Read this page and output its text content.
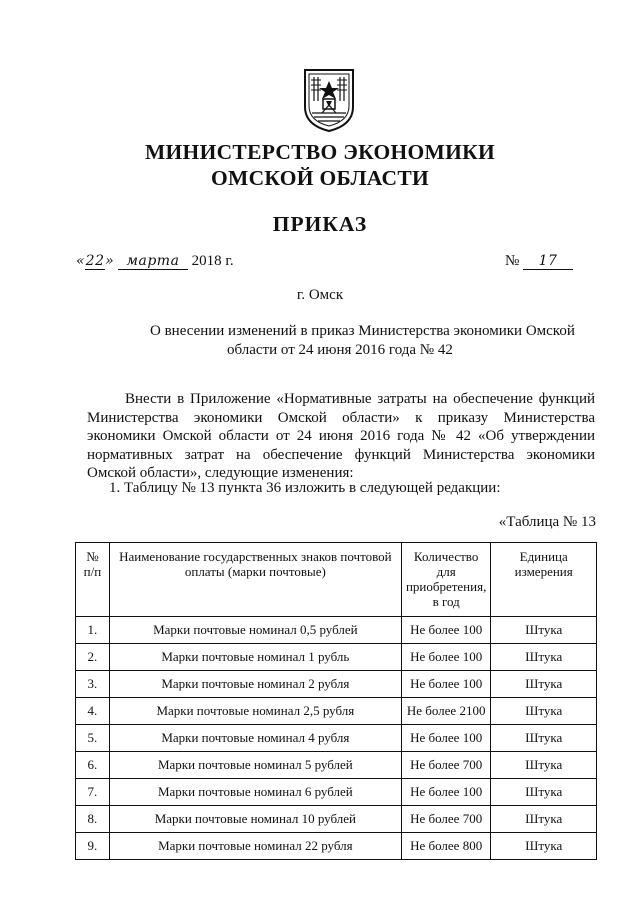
МИНИСТЕРСТВО ЭКОНОМИКИ
ОМСКОЙ ОБЛАСТИ
ПРИКАЗ
«22» марта 2018 г.	№ 17
г. Омск
О внесении изменений в приказ Министерства экономики Омской
области от 24 июня 2016 года № 42

Внести в Приложение «Нормативные затраты на обеспечение функций Министерства экономики Омской области» к приказу Министерства экономики Омской области от 24 июня 2016 года № 42 «Об утверждении нормативных затрат на обеспечение функций Министерства экономики Омской области», следующие изменения:

1. Таблицу № 13 пункта 36 изложить в следующей редакции:
«Таблица № 13
№
п/п	Наименование государственных знаков почтовой оплаты (марки почтовые)	Количество для приобретения, в год	Единица измерения
1.	Марки почтовые номинал 0,5 рублей	Не более 100	Штука
2.	Марки почтовые номинал 1 рубль	Не более 100	Штука
3.	Марки почтовые номинал 2 рубля	Не более 100	Штука
4.	Марки почтовые номинал 2,5 рубля	Не более 2100	Штука
5.	Марки почтовые номинал 4 рубля	Не более 100	Штука
6.	Марки почтовые номинал 5 рублей	Не более 700	Штука
7.	Марки почтовые номинал 6 рублей	Не более 100	Штука
8.	Марки почтовые номинал 10 рублей	Не более 700	Штука
9.	Марки почтовые номинал 22 рубля	Не более 800	Штука
